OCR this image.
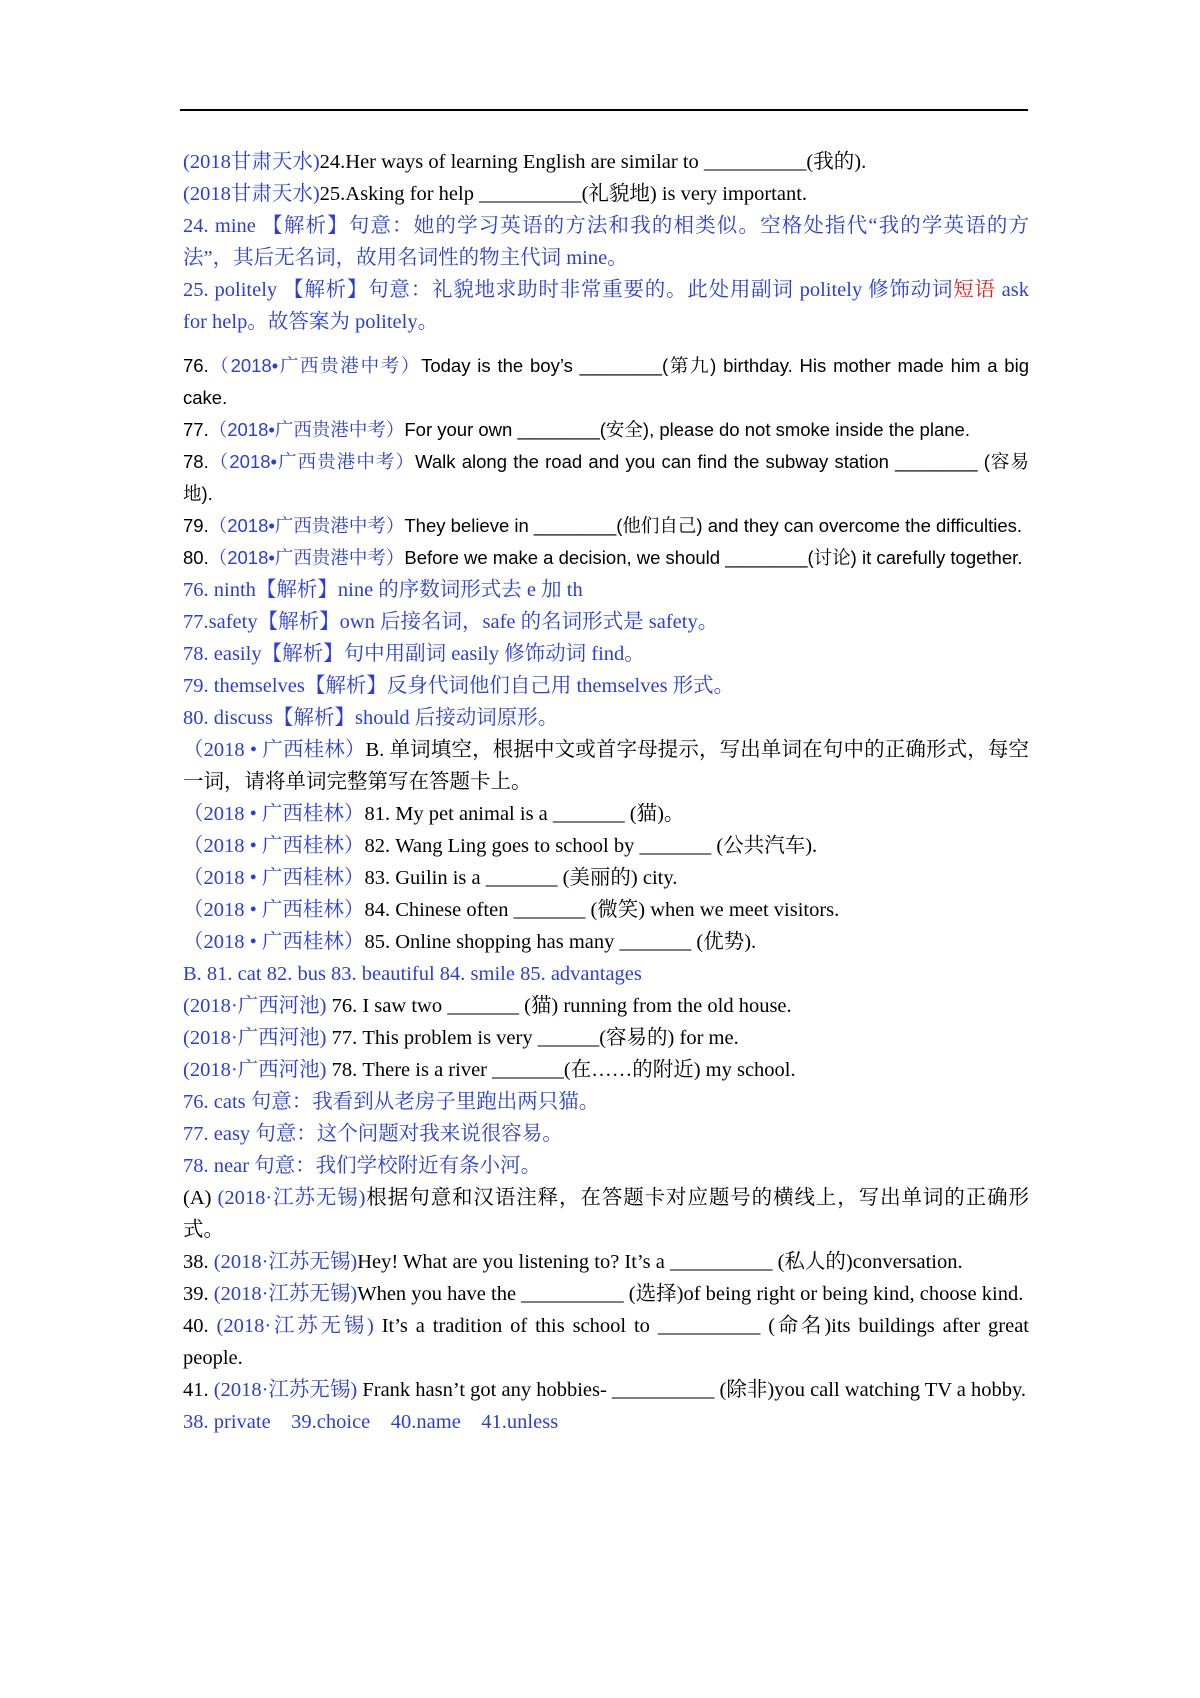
(2018甘肃天水)24.Her ways of learning English are similar to __________(我的).
(2018甘肃天水)25.Asking for help __________(礼貌地) is very important.
24. mine 【解析】句意：她的学习英语的方法和我的相类似。空格处指代“我的学英语的方法”，其后无名词，故用名词性的物主代词 mine。
25. politely 【解析】句意：礼貌地求助时非常重要的。此处用副词 politely 修饰动词短语 ask for help。故答案为 politely。
76.（2018•广西贵港中考）Today is the boy’s ________(第九) birthday. His mother made him a big cake.
77.（2018•广西贵港中考）For your own ________(安全), please do not smoke inside the plane.
78.（2018•广西贵港中考）Walk along the road and you can find the subway station ________ (容易地).
79.（2018•广西贵港中考）They believe in ________(他们自己) and they can overcome the difficulties.
80.（2018•广西贵港中考）Before we make a decision, we should ________(讨论) it carefully together.
76. ninth【解析】nine 的序数词形式去 e 加 th
77.safety【解析】own 后接名词，safe 的名词形式是 safety。
78. easily【解析】句中用副词 easily 修饰动词 find。
79. themselves【解析】反身代词他们自己用 themselves 形式。
80. discuss【解析】should 后接动词原形。
（2018 • 广西桂林）B. 单词填空，根据中文或首字母提示，写出单词在句中的正确形式，每空一词，请将单词完整第写在答题卡上。
（2018 • 广西桂林）81. My pet animal is a _______ (猫)。
（2018 • 广西桂林）82. Wang Ling goes to school by _______ (公共汽车).
（2018 • 广西桂林）83. Guilin is a _______ (美丽的) city.
（2018 • 广西桂林）84. Chinese often _______ (微笑) when we meet visitors.
（2018 • 广西桂林）85. Online shopping has many _______ (优势).
B. 81. cat 82. bus 83. beautiful 84. smile 85. advantages
(2018·广西河池) 76. I saw two _______ (猫) running from the old house.
(2018·广西河池) 77. This problem is very ______(容易的) for me.
(2018·广西河池) 78. There is a river _______(在……的附近) my school.
76. cats 句意：我看到从老房子里跑出两只猫。
77. easy 句意：这个问题对我来说很容易。
78. near 句意：我们学校附近有条小河。
(A) (2018·江苏无锡)根据句意和汉语注释，在答题卡对应题号的横线上，写出单词的正确形式。
38. (2018·江苏无锡)Hey! What are you listening to? It’s a __________ (私人的)conversation.
39. (2018·江苏无锡)When you have the __________ (选择)of being right or being kind, choose kind.
40. (2018·江苏无锡) It’s a tradition of this school to __________ (命名)its buildings after great people.
41. (2018·江苏无锡) Frank hasn’t got any hobbies- __________ (除非)you call watching TV a hobby.
38. private    39.choice    40.name    41.unless
